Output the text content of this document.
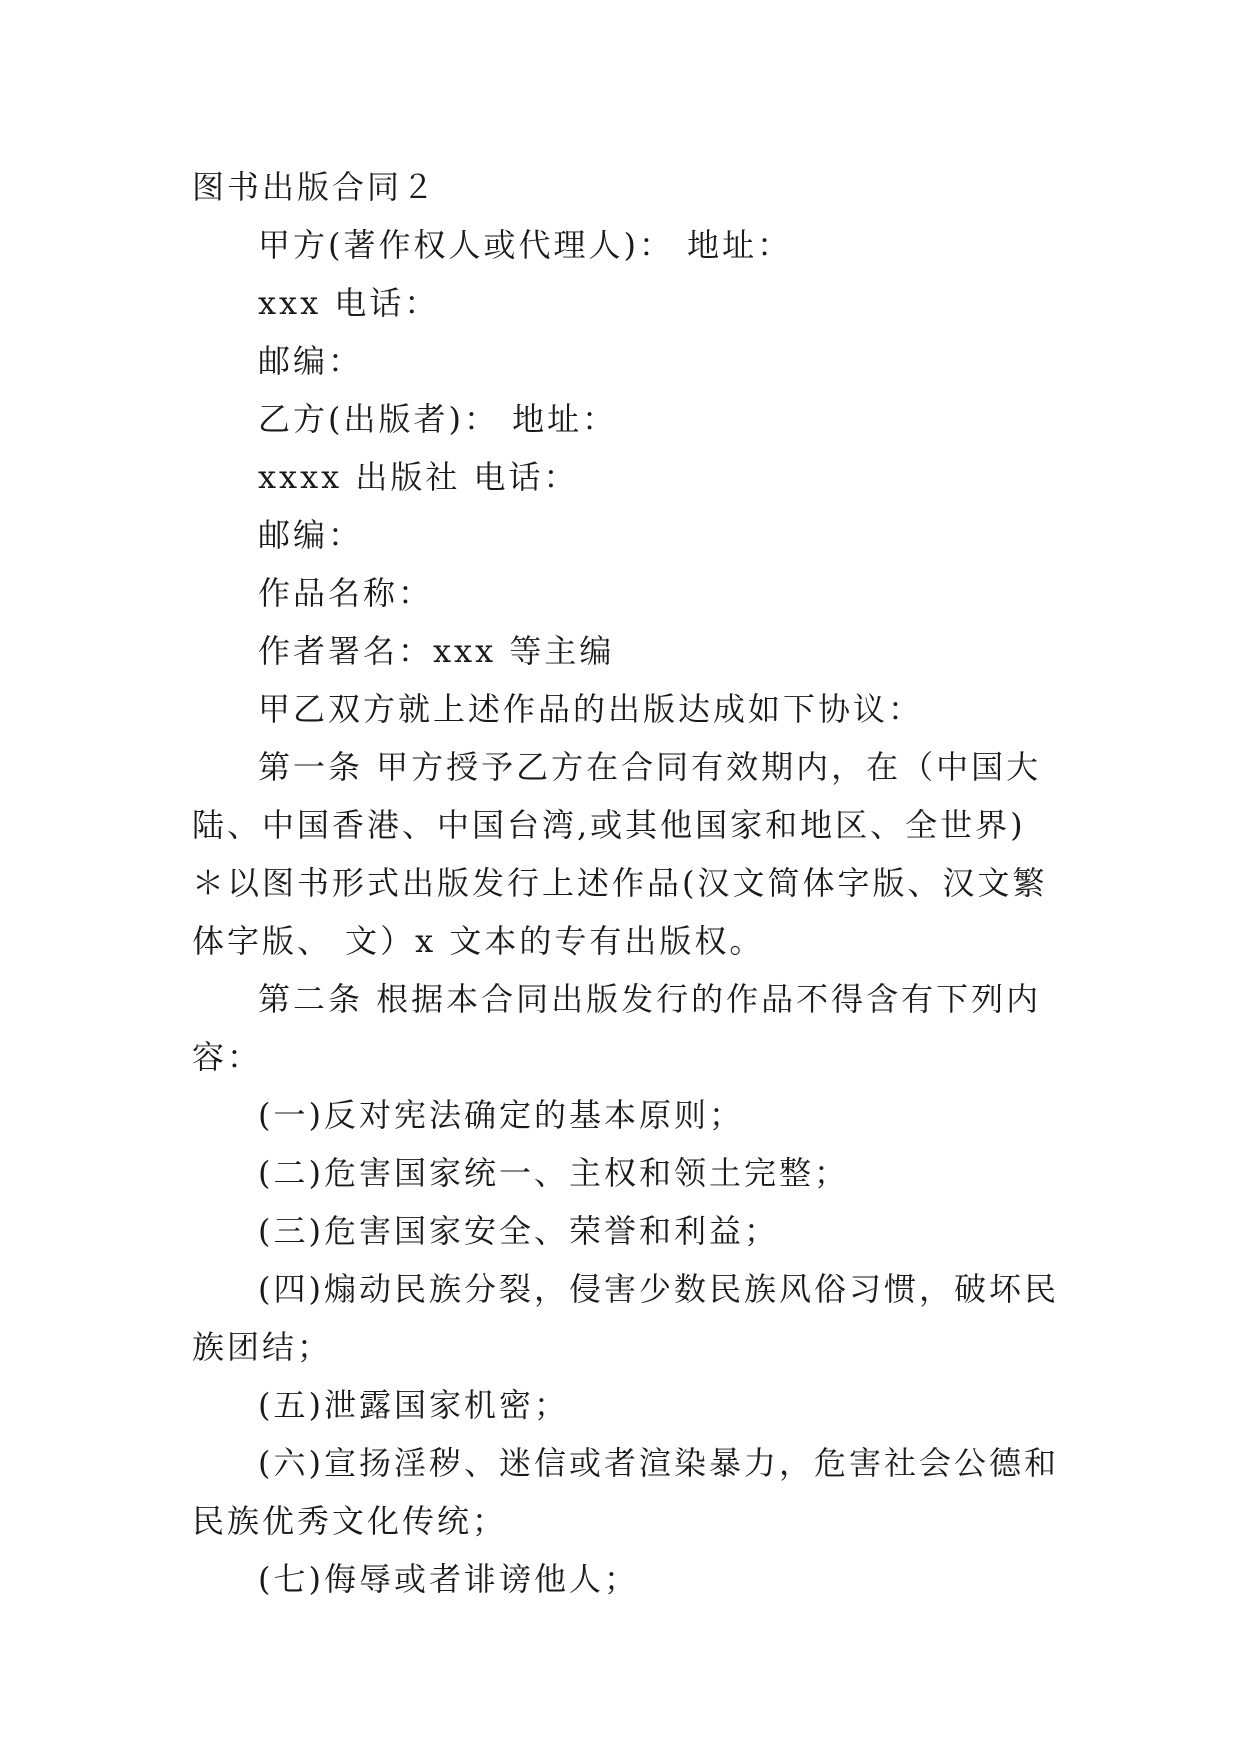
图书出版合同２
甲方(著作权人或代理人)： 地址：
xxx 电话：
邮编：
乙方(出版者)： 地址：
xxxx 出版社 电话：
邮编：
作品名称：
作者署名：xxx 等主编
甲乙双方就上述作品的出版达成如下协议：
第一条 甲方授予乙方在合同有效期内，在（中国大陆、中国香港、中国台湾,或其他国家和地区、全世界)＊以图书形式出版发行上述作品(汉文简体字版、汉文繁体字版、 文）x 文本的专有出版权。
第二条 根据本合同出版发行的作品不得含有下列内容：
(一)反对宪法确定的基本原则；
(二)危害国家统一、主权和领土完整；
(三)危害国家安全、荣誉和利益；
(四)煽动民族分裂，侵害少数民族风俗习惯，破坏民族团结；
(五)泄露国家机密；
(六)宣扬淫秽、迷信或者渲染暴力，危害社会公德和民族优秀文化传统；
(七)侮辱或者诽谤他人；
